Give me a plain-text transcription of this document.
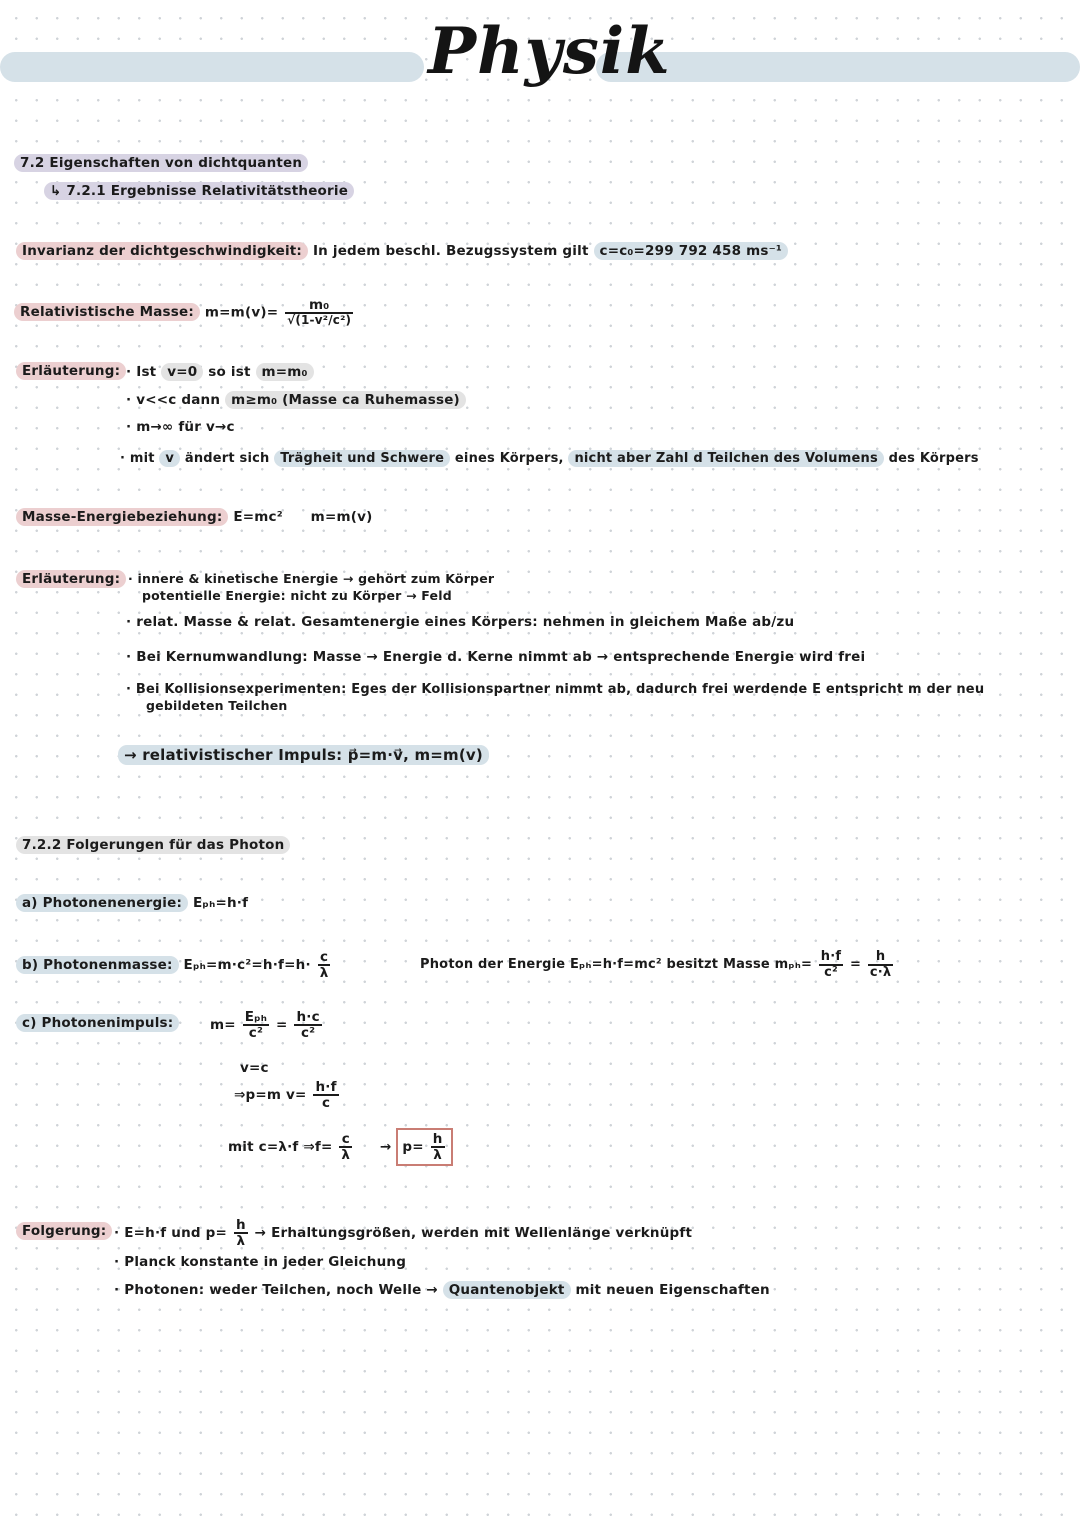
Physik
7.2 Eigenschaften von dichtquanten
↳ 7.2.1 Ergebnisse Relativitätstheorie
Invarianz der dichtgeschwindigkeit: In jedem beschl. Bezugssystem gilt c=c₀=299 792 458 ms⁻¹
Relativistische Masse: $m=m(v)= \frac{\text{m₀}}{\text{√(1-v²/c²)}}$
Erläuterung: · Ist v=0 so ist m=m₀
· v<<c dann m≥m₀ (Masse ca Ruhemasse)
· m→∞ für v→c
· mit v ändert sich Trägheit und Schwere eines Körpers, nicht aber Zahl d Teilchen des Volumens des Körpers
Masse-Energiebeziehung: E=mc² m=m(v)
Erläuterung: · innere & kinetische Energie → gehört zum Körper
potentielle Energie: nicht zu Körper → Feld
· relat. Masse & relat. Gesamtenergie eines Körpers: nehmen in gleichem Maße ab/zu
· Bei Kernumwandlung: Masse → Energie d. Kerne nimmt ab → entsprechende Energie wird frei
· Bei Kollisionsexperimenten: Eges der Kollisionspartner nimmt ab, dadurch frei werdende E entspricht m der neu
gebildeten Teilchen
→ relativistischer Impuls: p⃗=m·v⃗, m=m(v)
7.2.2 Folgerungen für das Photon
a) Photonenenergie: Eₚₕ=h·f
b) Photonenmasse: $E_{ph}=m\cdot c^2=h\cdot f=h\cdot \frac{c}{\lambda}$	Photon der Energie Eₚₕ=h·f=mc² besitzt Masse $m_{ph}= \frac{h\cdot f}{\text{c²}} = \frac{h}{c\cdot\lambda}$
c) Photonenimpuls:	$m= \frac{\text{Eₚₕ}}{\text{c²}} = \frac{h\cdot c}{\text{c²}}$
v=c
⇒p=m $v= \frac{h\cdot f}{c}$
mit c=λ·f ⇒f= $\frac{c}{\lambda} \to p= \frac{h}{\lambda}$
Folgerung: · E=h·f und $p= \frac{h}{\lambda}$ → Erhaltungsgrößen, werden mit Wellenlänge verknüpft
· Planck konstante in jeder Gleichung
· Photonen: weder Teilchen, noch Welle → Quantenobjekt mit neuen Eigenschaften
